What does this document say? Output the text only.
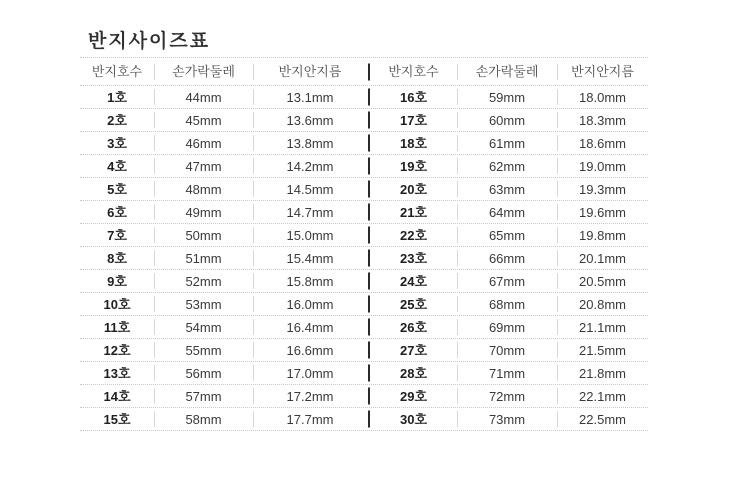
반지사이즈표
반지호수	손가락둘레	반지안지름	반지호수	손가락둘레	반지안지름
1호	44mm	13.1mm	16호	59mm	18.0mm
2호	45mm	13.6mm	17호	60mm	18.3mm
3호	46mm	13.8mm	18호	61mm	18.6mm
4호	47mm	14.2mm	19호	62mm	19.0mm
5호	48mm	14.5mm	20호	63mm	19.3mm
6호	49mm	14.7mm	21호	64mm	19.6mm
7호	50mm	15.0mm	22호	65mm	19.8mm
8호	51mm	15.4mm	23호	66mm	20.1mm
9호	52mm	15.8mm	24호	67mm	20.5mm
10호	53mm	16.0mm	25호	68mm	20.8mm
11호	54mm	16.4mm	26호	69mm	21.1mm
12호	55mm	16.6mm	27호	70mm	21.5mm
13호	56mm	17.0mm	28호	71mm	21.8mm
14호	57mm	17.2mm	29호	72mm	22.1mm
15호	58mm	17.7mm	30호	73mm	22.5mm
